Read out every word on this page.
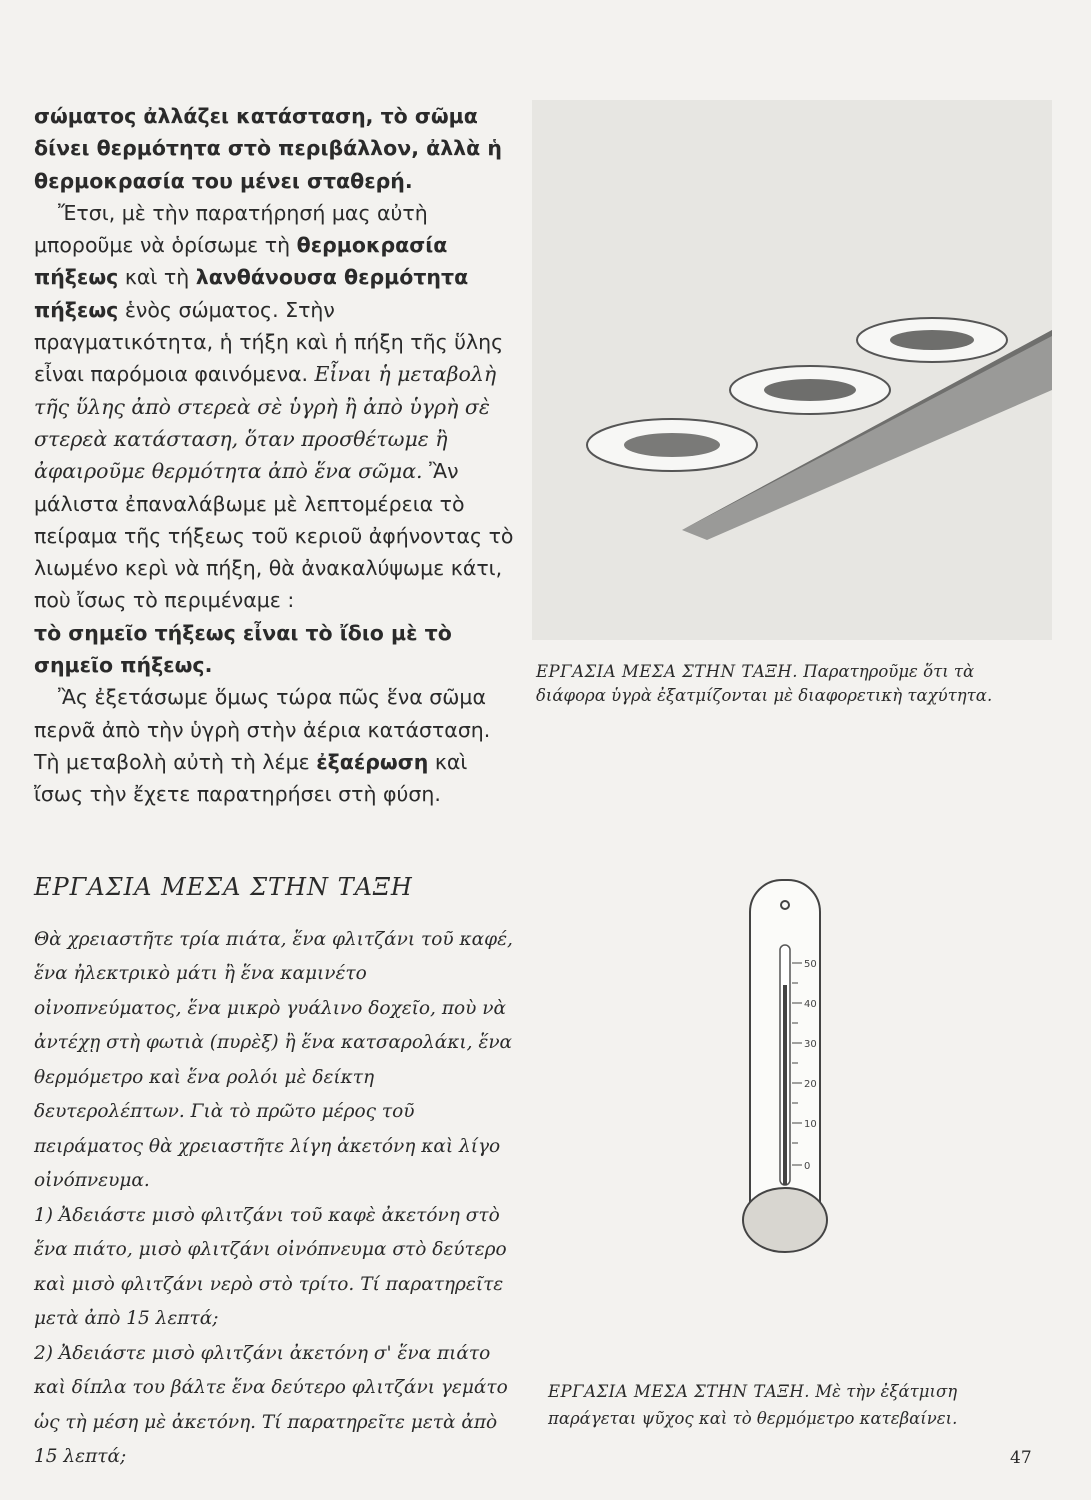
σώματος ἀλλάζει κατάσταση, τὸ σῶμα δίνει θερμότητα στὸ περιβάλλον, ἀλλὰ ἡ θερμοκρασία του μένει σταθερή.

Ἔτσι, μὲ τὴν παρατήρησή μας αὐτὴ μποροῦμε νὰ ὁρίσωμε τὴ θερμοκρασία πήξεως καὶ τὴ λανθάνουσα θερμότητα πήξεως ἑνὸς σώματος. Στὴν πραγματικότητα, ἡ τήξη καὶ ἡ πήξη τῆς ὕλης εἶναι παρόμοια φαινόμενα. Εἶναι ἡ μεταβολὴ τῆς ὕλης ἀπὸ στερεὰ σὲ ὑγρὴ ἢ ἀπὸ ὑγρὴ σὲ στερεὰ κατάσταση, ὅταν προσθέτωμε ἢ ἀφαιροῦμε θερμότητα ἀπὸ ἕνα σῶμα. Ἂν μάλιστα ἐπαναλάβωμε μὲ λεπτομέρεια τὸ πείραμα τῆς τήξεως τοῦ κεριοῦ ἀφήνοντας τὸ λιωμένο κερὶ νὰ πήξη, θὰ ἀνακαλύψωμε κάτι, ποὺ ἴσως τὸ περιμέναμε :

τὸ σημεῖο τήξεως εἶναι τὸ ἴδιο μὲ τὸ σημεῖο πήξεως.

Ἂς ἐξετάσωμε ὅμως τώρα πῶς ἕνα σῶμα περνᾶ ἀπὸ τὴν ὑγρὴ στὴν ἀέρια κατάσταση. Τὴ μεταβολὴ αὐτὴ τὴ λέμε ἐξαέρωση καὶ ἴσως τὴν ἔχετε παρατηρήσει στὴ φύση.

ΕΡΓΑΣΙΑ ΜΕΣΑ ΣΤΗΝ ΤΑΞΗ

Θὰ χρειαστῆτε τρία πιάτα, ἕνα φλιτζάνι τοῦ καφέ, ἕνα ἠλεκτρικὸ μάτι ἢ ἕνα καμινέτο οἰνοπνεύματος, ἕνα μικρὸ γυάλινο δοχεῖο, ποὺ νὰ ἀντέχῃ στὴ φωτιὰ (πυρὲξ) ἢ ἕνα κατσαρολάκι, ἕνα θερμόμετρο καὶ ἕνα ρολόι μὲ δείκτη δευτερολέπτων. Γιὰ τὸ πρῶτο μέρος τοῦ πειράματος θὰ χρειαστῆτε λίγη ἀκετόνη καὶ λίγο οἰνόπνευμα.

1) Ἀδειάστε μισὸ φλιτζάνι τοῦ καφὲ ἀκετόνη στὸ ἕνα πιάτο, μισὸ φλιτζάνι οἰνόπνευμα στὸ δεύτερο καὶ μισὸ φλιτζάνι νερὸ στὸ τρίτο. Τί παρατηρεῖτε μετὰ ἀπὸ 15 λεπτά;

2) Ἀδειάστε μισὸ φλιτζάνι ἀκετόνη σ' ἕνα πιάτο καὶ δίπλα του βάλτε ἕνα δεύτερο φλιτζάνι γεμάτο ὡς τὴ μέση μὲ ἀκετόνη. Τί παρατηρεῖτε μετὰ ἀπὸ 15 λεπτά;

ΕΡΓΑΣΙΑ ΜΕΣΑ ΣΤΗΝ ΤΑΞΗ. Παρατηροῦμε ὅτι τὰ διάφορα ὑγρὰ ἐξατμίζονται μὲ διαφορετικὴ ταχύτητα.
50
40
30
20
10
0
ΕΡΓΑΣΙΑ ΜΕΣΑ ΣΤΗΝ ΤΑΞΗ. Μὲ τὴν ἐξάτμιση παράγεται ψῦχος καὶ τὸ θερμόμετρο κατεβαίνει.
47
